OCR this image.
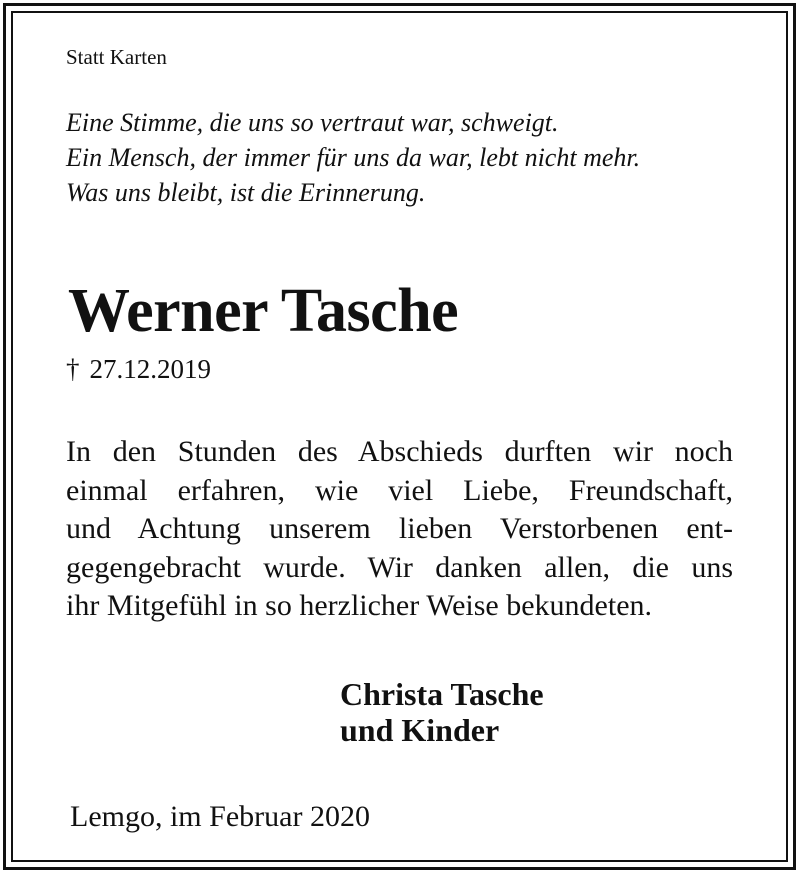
Statt Karten

Eine Stimme, die uns so vertraut war, schweigt.
Ein Mensch, der immer für uns da war, lebt nicht mehr.
Was uns bleibt, ist die Erinnerung.
Werner Tasche
† 27.12.2019
In den Stunden des Abschieds durften wir noch
einmal erfahren, wie viel Liebe, Freundschaft,
und Achtung unserem lieben Verstorbenen ent-
gegengebracht wurde. Wir danken allen, die uns
ihr Mitgefühl in so herzlicher Weise bekundeten.
Christa Tasche
und Kinder

Lemgo, im Februar 2020
